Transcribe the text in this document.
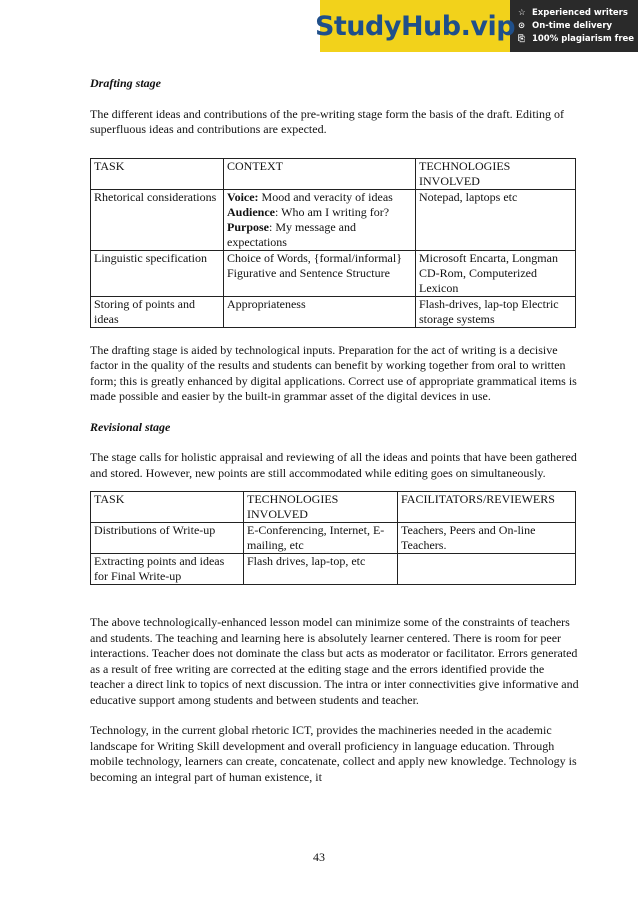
StudyHub.vip ☆ Experienced writers
⊙ On-time delivery
⎘ 100% plagiarism free

Drafting stage

The different ideas and contributions of the pre-writing stage form the basis of the draft. Editing of superfluous ideas and contributions are expected.

TASK	CONTEXT	TECHNOLOGIES INVOLVED
Rhetorical considerations	Voice: Mood and veracity of ideas
Audience: Who am I writing for?
Purpose: My message and expectations	Notepad, laptops etc
Linguistic specification	Choice of Words, {formal/informal} Figurative and Sentence Structure	Microsoft Encarta, Longman CD-Rom, Computerized Lexicon
Storing of points and ideas	Appropriateness	Flash-drives, lap-top Electric storage systems

The drafting stage is aided by technological inputs. Preparation for the act of writing is a decisive factor in the quality of the results and students can benefit by working together from oral to written form; this is greatly enhanced by digital applications. Correct use of appropriate grammatical items is made possible and easier by the built-in grammar asset of the digital devices in use.

Revisional stage

The stage calls for holistic appraisal and reviewing of all the ideas and points that have been gathered and stored. However, new points are still accommodated while editing goes on simultaneously.

TASK	TECHNOLOGIES INVOLVED	FACILITATORS/REVIEWERS
Distributions of Write-up	E-Conferencing, Internet, E-mailing, etc	Teachers, Peers and On-line Teachers.
Extracting points and ideas for Final Write-up	Flash drives, lap-top, etc	

The above technologically-enhanced lesson model can minimize some of the constraints of teachers and students. The teaching and learning here is absolutely learner centered. There is room for peer interactions. Teacher does not dominate the class but acts as moderator or facilitator. Errors generated as a result of free writing are corrected at the editing stage and the errors identified provide the teacher a direct link to topics of next discussion. The intra or inter connectivities give informative and educative support among students and between students and teacher.

Technology, in the current global rhetoric ICT, provides the machineries needed in the academic landscape for Writing Skill development and overall proficiency in language education. Through mobile technology, learners can create, concatenate, collect and apply new knowledge. Technology is becoming an integral part of human existence, it

43
